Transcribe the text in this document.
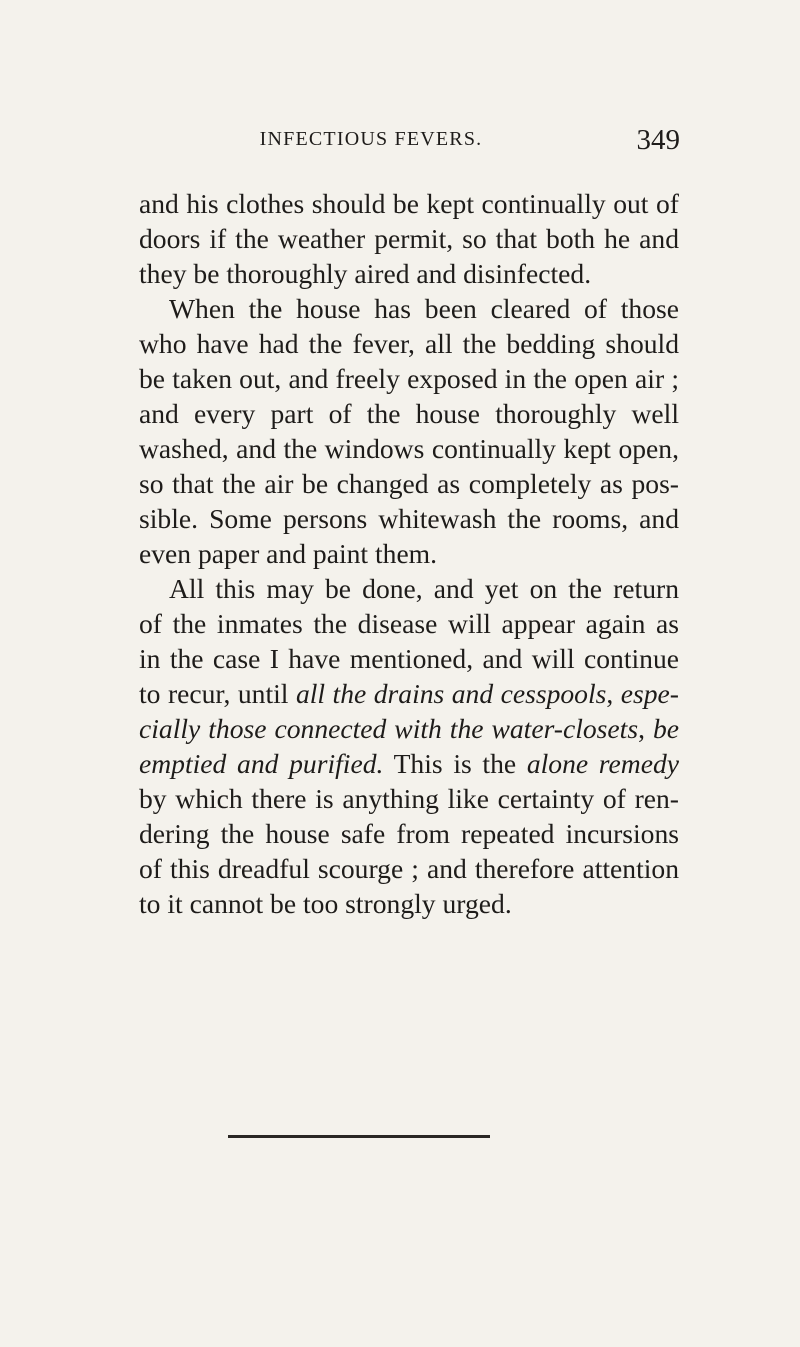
INFECTIOUS FEVERS.	349
and his clothes should be kept continually out of
doors if the weather permit, so that both he and
they be thoroughly aired and disinfected.
When the house has been cleared of those
who have had the fever, all the bedding should
be taken out, and freely exposed in the open air ;
and every part of the house thoroughly well
washed, and the windows continually kept open,
so that the air be changed as completely as pos-
sible. Some persons whitewash the rooms, and
even paper and paint them.
All this may be done, and yet on the return
of the inmates the disease will appear again as
in the case I have mentioned, and will continue
to recur, until all the drains and cesspools, espe-
cially those connected with the water-closets, be
emptied and purified. This is the alone remedy
by which there is anything like certainty of ren-
dering the house safe from repeated incursions
of this dreadful scourge ; and therefore attention
to it cannot be too strongly urged.
